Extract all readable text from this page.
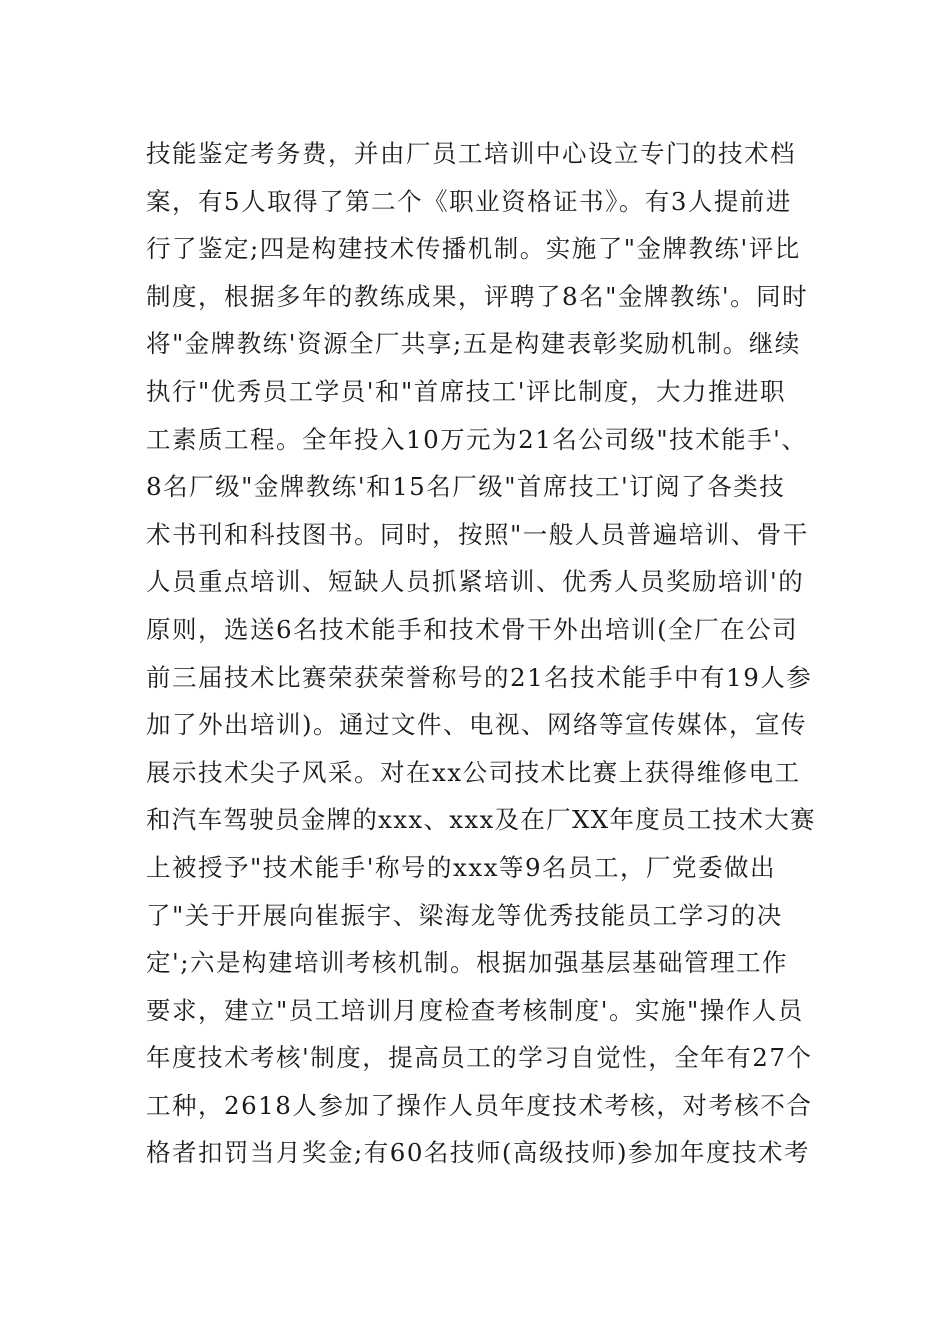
技能鉴定考务费，并由厂员工培训中心设立专门的技术档
案，有5人取得了第二个《职业资格证书》。有3人提前进
行了鉴定;四是构建技术传播机制。实施了"金牌教练'评比
制度，根据多年的教练成果，评聘了8名"金牌教练'。同时
将"金牌教练'资源全厂共享;五是构建表彰奖励机制。继续
执行"优秀员工学员'和"首席技工'评比制度，大力推进职
工素质工程。全年投入10万元为21名公司级"技术能手'、
8名厂级"金牌教练'和15名厂级"首席技工'订阅了各类技
术书刊和科技图书。同时，按照"一般人员普遍培训、骨干
人员重点培训、短缺人员抓紧培训、优秀人员奖励培训'的
原则，选送6名技术能手和技术骨干外出培训(全厂在公司
前三届技术比赛荣获荣誉称号的21名技术能手中有19人参
加了外出培训)。通过文件、电视、网络等宣传媒体，宣传
展示技术尖子风采。对在xx公司技术比赛上获得维修电工
和汽车驾驶员金牌的xxx、xxx及在厂XX年度员工技术大赛
上被授予"技术能手'称号的xxx等9名员工，厂党委做出
了"关于开展向崔振宇、梁海龙等优秀技能员工学习的决
定';六是构建培训考核机制。根据加强基层基础管理工作
要求，建立"员工培训月度检查考核制度'。实施"操作人员
年度技术考核'制度，提高员工的学习自觉性，全年有27个
工种，2618人参加了操作人员年度技术考核，对考核不合
格者扣罚当月奖金;有60名技师(高级技师)参加年度技术考
